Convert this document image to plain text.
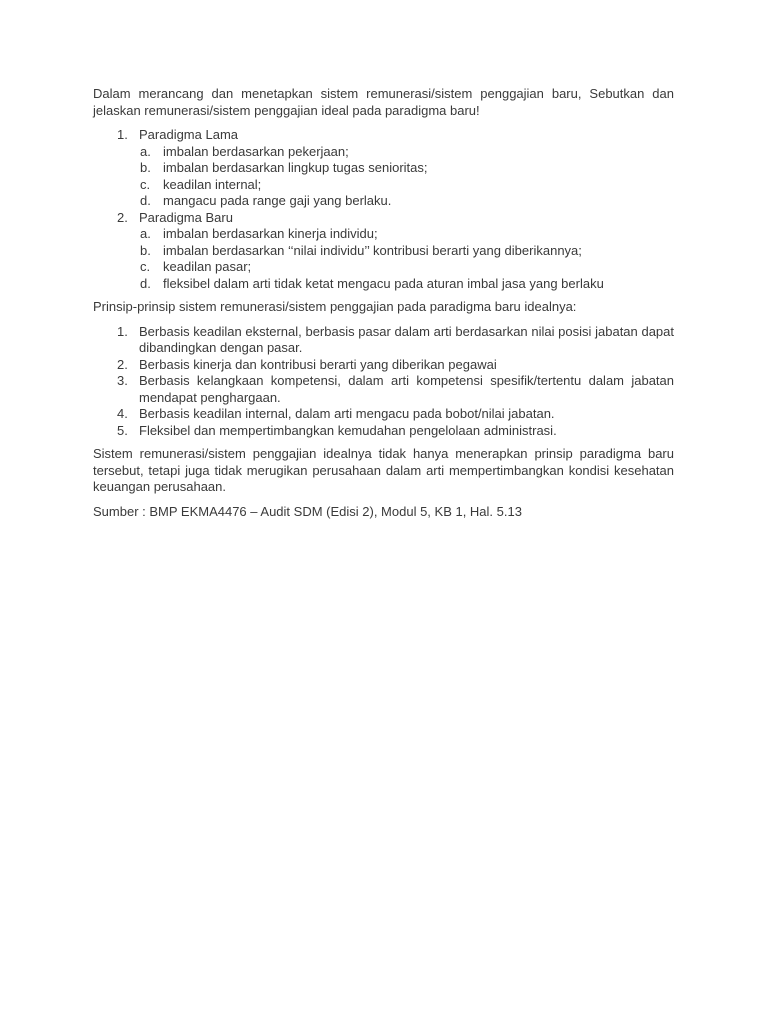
Dalam merancang dan menetapkan sistem remunerasi/sistem penggajian baru, Sebutkan dan jelaskan remunerasi/sistem penggajian ideal pada paradigma baru!

1. Paradigma Lama
a. imbalan berdasarkan pekerjaan;
b. imbalan berdasarkan lingkup tugas senioritas;
c. keadilan internal;
d. mangacu pada range gaji yang berlaku.
2. Paradigma Baru
a. imbalan berdasarkan kinerja individu;
b. imbalan berdasarkan ‘‘nilai individu’’ kontribusi berarti yang diberikannya;
c. keadilan pasar;
d. fleksibel dalam arti tidak ketat mengacu pada aturan imbal jasa yang berlaku

Prinsip-prinsip sistem remunerasi/sistem penggajian pada paradigma baru idealnya:

1. Berbasis keadilan eksternal, berbasis pasar dalam arti berdasarkan nilai posisi jabatan dapat dibandingkan dengan pasar.
2. Berbasis kinerja dan kontribusi berarti yang diberikan pegawai
3. Berbasis kelangkaan kompetensi, dalam arti kompetensi spesifik/tertentu dalam jabatan mendapat penghargaan.
4. Berbasis keadilan internal, dalam arti mengacu pada bobot/nilai jabatan.
5. Fleksibel dan mempertimbangkan kemudahan pengelolaan administrasi.

Sistem remunerasi/sistem penggajian idealnya tidak hanya menerapkan prinsip paradigma baru tersebut, tetapi juga tidak merugikan perusahaan dalam arti mempertimbangkan kondisi kesehatan keuangan perusahaan.

Sumber : BMP EKMA4476 – Audit SDM (Edisi 2), Modul 5, KB 1, Hal. 5.13
